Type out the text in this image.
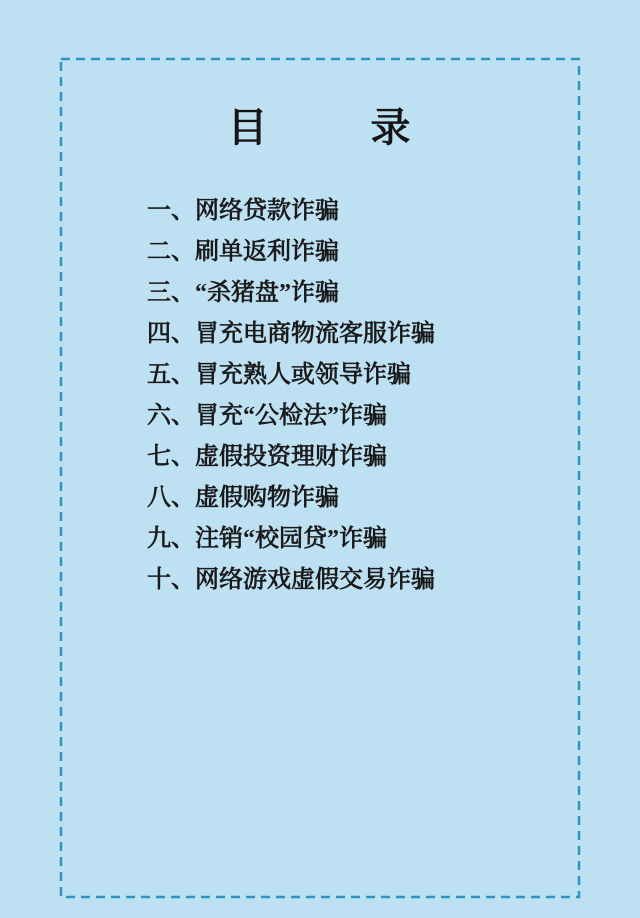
目 录
一、网络贷款诈骗
二、刷单返利诈骗
三、“杀猪盘”诈骗
四、冒充电商物流客服诈骗
五、冒充熟人或领导诈骗
六、冒充“公检法”诈骗
七、虚假投资理财诈骗
八、虚假购物诈骗
九、注销“校园贷”诈骗
十、网络游戏虚假交易诈骗
